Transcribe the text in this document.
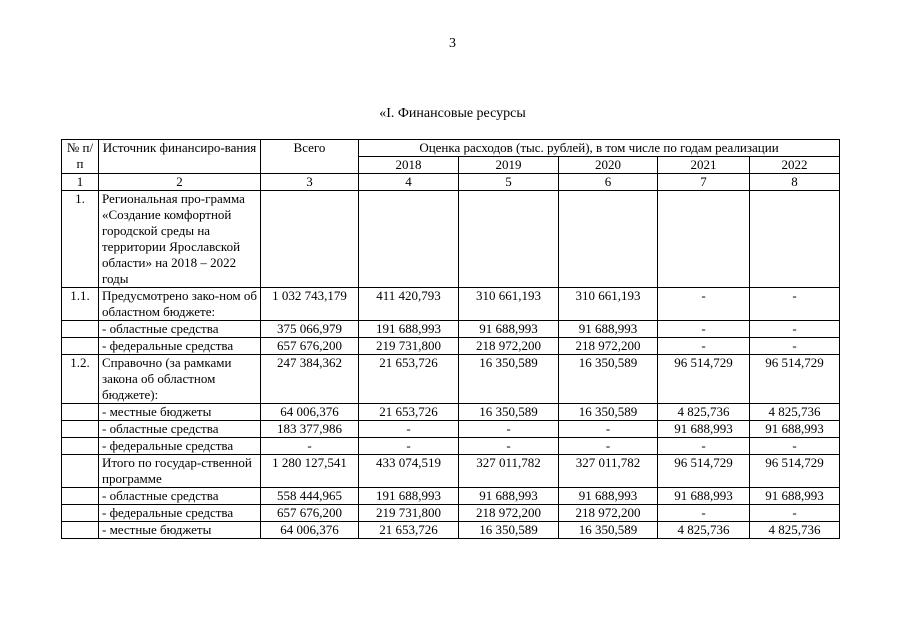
3
«I. Финансовые ресурсы
№ п/п	Источник финансиро-вания	Всего	Оценка расходов (тыс. рублей), в том числе по годам реализации				
			2018	2019	2020	2021	2022
1	2	3	4	5	6	7	8
1.	Региональная про-грамма «Создание комфортной городской среды на территории Ярославской области» на 2018 – 2022 годы						
1.1.	Предусмотрено зако-ном об областном бюджете:	1 032 743,179	411 420,793	310 661,193	310 661,193	-	-
	- областные средства	375 066,979	191 688,993	91 688,993	91 688,993	-	-
	- федеральные средства	657 676,200	219 731,800	218 972,200	218 972,200	-	-
1.2.	Справочно (за рамками закона об областном бюджете):	247 384,362	21 653,726	16 350,589	16 350,589	96 514,729	96 514,729
	- местные бюджеты	64 006,376	21 653,726	16 350,589	16 350,589	4 825,736	4 825,736
	- областные средства	183 377,986	-	-	-	91 688,993	91 688,993
	- федеральные средства	-	-	-	-	-	-
	Итого по государ-ственной программе	1 280 127,541	433 074,519	327 011,782	327 011,782	96 514,729	96 514,729
	- областные средства	558 444,965	191 688,993	91 688,993	91 688,993	91 688,993	91 688,993
	- федеральные средства	657 676,200	219 731,800	218 972,200	218 972,200	-	-
	- местные бюджеты	64 006,376	21 653,726	16 350,589	16 350,589	4 825,736	4 825,736
